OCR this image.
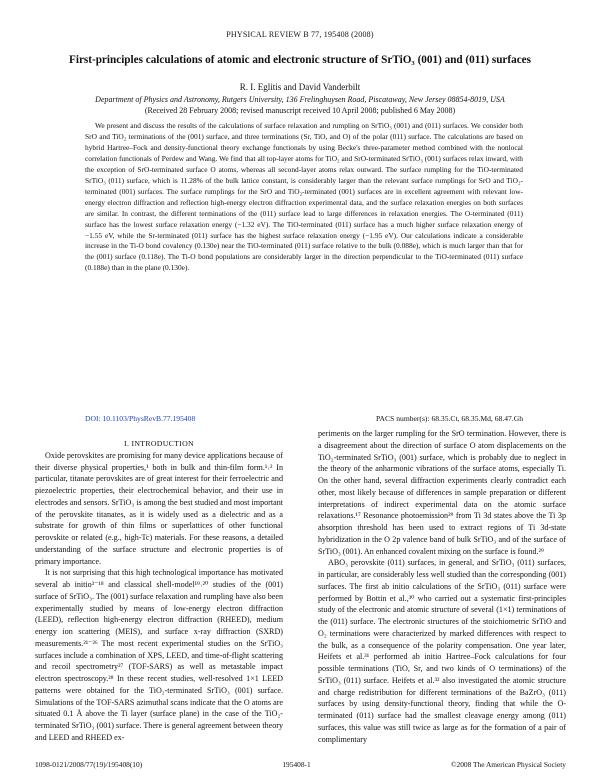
PHYSICAL REVIEW B 77, 195408 (2008)
First-principles calculations of atomic and electronic structure of SrTiO₃ (001) and (011) surfaces
R. I. Eglitis and David Vanderbilt
Department of Physics and Astronomy, Rutgers University, 136 Frelinghuysen Road, Piscataway, New Jersey 08854-8019, USA
(Received 28 February 2008; revised manuscript received 10 April 2008; published 6 May 2008)

We present and discuss the results of the calculations of surface relaxation and rumpling on SrTiO₃ (001) and (011) surfaces. We consider both SrO and TiO₂ terminations of the (001) surface, and three terminations (Sr, TiO, and O) of the polar (011) surface. The calculations are based on hybrid Hartree–Fock and density-functional theory exchange functionals by using Becke's three-parameter method combined with the nonlocal correlation functionals of Perdew and Wang. We find that all top-layer atoms for TiO₂ and SrO-terminated SrTiO₃ (001) surfaces relax inward, with the exception of SrO-terminated surface O atoms, whereas all second-layer atoms relax outward. The surface rumpling for the TiO-terminated SrTiO₃ (011) surface, which is 11.28% of the bulk lattice constant, is considerably larger than the relevant surface rumplings for SrO and TiO₂-terminated (001) surfaces. The surface rumplings for the SrO and TiO₂-terminated (001) surfaces are in excellent agreement with relevant low-energy electron diffraction and reflection high-energy electron diffraction experimental data, and the surface relaxation energies on both surfaces are similar. In contrast, the different terminations of the (011) surface lead to large differences in relaxation energies. The O-terminated (011) surface has the lowest surface relaxation energy (−1.32 eV). The TiO-terminated (011) surface has a much higher surface relaxation energy of −1.55 eV, while the Sr-terminated (011) surface has the highest surface relaxation energy (−1.95 eV). Our calculations indicate a considerable increase in the Ti-O bond covalency (0.130e) near the TiO-terminated (011) surface relative to the bulk (0.088e), which is much larger than that for the (001) surface (0.118e). The Ti-O bond populations are considerably larger in the direction perpendicular to the TiO-terminated (011) surface (0.188e) than in the plane (0.130e).

DOI: 10.1103/PhysRevB.77.195408	PACS number(s): 68.35.Ct, 68.35.Md, 68.47.Gh

I. INTRODUCTION

Oxide perovskites are promising for many device applications because of their diverse physical properties,¹ both in bulk and thin-film form.¹˒² In particular, titanate perovskites are of great interest for their ferroelectric and piezoelectric properties, their electrochemical behavior, and their use in electrodes and sensors. SrTiO₃ is among the best studied and most important of the perovskite titanates, as it is widely used as a dielectric and as a substrate for growth of thin films or superlattices of other functional perovskite or related (e.g., high-Tc) materials. For these reasons, a detailed understanding of the surface structure and electronic properties is of primary importance.

It is not surprising that this high technological importance has motivated several ab initio³⁻¹⁸ and classical shell-model¹⁹˒²⁰ studies of the (001) surface of SrTiO₃. The (001) surface relaxation and rumpling have also been experimentally studied by means of low-energy electron diffraction (LEED), reflection high-energy electron diffraction (RHEED), medium energy ion scattering (MEIS), and surface x-ray diffraction (SXRD) measurements.²¹⁻²⁶ The most recent experimental studies on the SrTiO₃ surfaces include a combination of XPS, LEED, and time-of-flight scattering and recoil spectrometry²⁷ (TOF-SARS) as well as metastable impact electron spectroscopy.²⁸ In these recent studies, well-resolved 1×1 LEED patterns were obtained for the TiO₂-terminated SrTiO₃ (001) surface. Simulations of the TOF-SARS azimuthal scans indicate that the O atoms are situated 0.1 Å above the Ti layer (surface plane) in the case of the TiO₂-terminated SrTiO₃ (001) surface. There is general agreement between theory and LEED and RHEED ex-

periments on the larger rumpling for the SrO termination. However, there is a disagreement about the direction of surface O atom displacements on the TiO₂-terminated SrTiO₃ (001) surface, which is probably due to neglect in the theory of the anharmonic vibrations of the surface atoms, especially Ti. On the other hand, several diffraction experiments clearly contradict each other, most likely because of differences in sample preparation or different interpretations of indirect experimental data on the atomic surface relaxations.¹⁷ Resonance photoemission²⁹ from Ti 3d states above the Ti 3p absorption threshold has been used to extract regions of Ti 3d-state hybridization in the O 2p valence band of bulk SrTiO₃ and of the surface of SrTiO₃ (001). An enhanced covalent mixing on the surface is found.²⁹

ABO₃ perovskite (011) surfaces, in general, and SrTiO₃ (011) surfaces, in particular, are considerably less well studied than the corresponding (001) surfaces. The first ab initio calculations of the SrTiO₃ (011) surface were performed by Bottin et al.,³⁰ who carried out a systematic first-principles study of the electronic and atomic structure of several (1×1) terminations of the (011) surface. The electronic structures of the stoichiometric SrTiO and O₂ terminations were characterized by marked differences with respect to the bulk, as a consequence of the polarity compensation. One year later, Heifets et al.³¹ performed ab initio Hartree–Fock calculations for four possible terminations (TiO, Sr, and two kinds of O terminations) of the SrTiO₃ (011) surface. Heifets et al.³² also investigated the atomic structure and charge redistribution for different terminations of the BaZrO₃ (011) surfaces by using density-functional theory, finding that while the O-terminated (011) surface had the smallest cleavage energy among (011) surfaces, this value was still twice as large as for the formation of a pair of complimentary

1098-0121/2008/77(19)/195408(10)	195408-1	©2008 The American Physical Society
